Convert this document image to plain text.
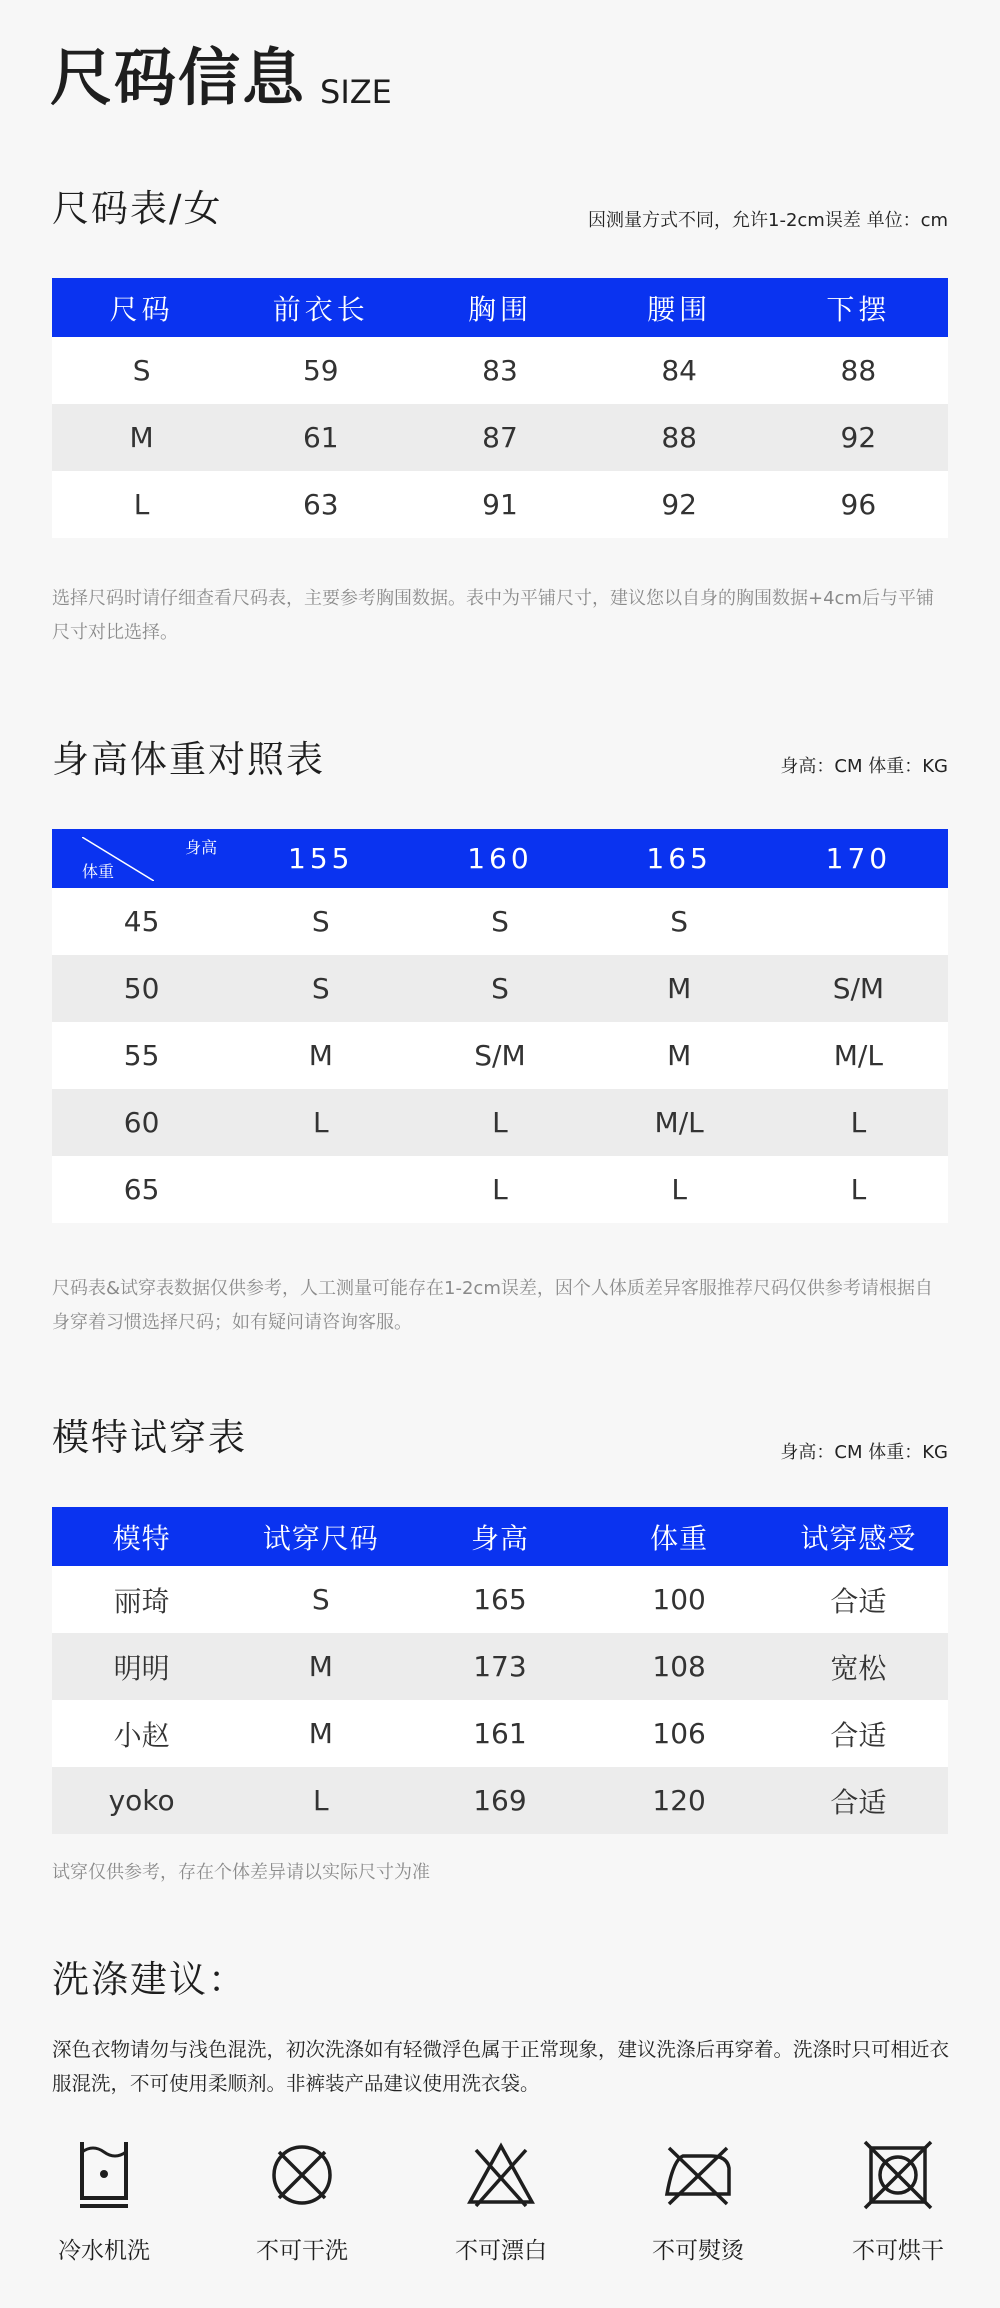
尺码信息 SIZE
尺码表/女	因测量方式不同，允许1-2cm误差 单位：cm
尺码	前衣长	胸围	腰围	下摆
S	59	83	84	88
M	61	87	88	92
L	63	91	92	96
选择尺码时请仔细查看尺码表，主要参考胸围数据。表中为平铺尺寸，建议您以自身的胸围数据+4cm后与平铺尺寸对比选择。
身高体重对照表	身高：CM 体重：KG
身高
体重	155	160	165	170
45	S	S	S	
50	S	S	M	S/M
55	M	S/M	M	M/L
60	L	L	M/L	L
65		L	L	L
尺码表&试穿表数据仅供参考，人工测量可能存在1-2cm误差，因个人体质差异客服推荐尺码仅供参考请根据自身穿着习惯选择尺码；如有疑问请咨询客服。
模特试穿表	身高：CM 体重：KG
模特	试穿尺码	身高	体重	试穿感受
丽琦	S	165	100	合适
明明	M	173	108	宽松
小赵	M	161	106	合适
yoko	L	169	120	合适
试穿仅供参考，存在个体差异请以实际尺寸为准
洗涤建议：
深色衣物请勿与浅色混洗，初次洗涤如有轻微浮色属于正常现象，建议洗涤后再穿着。洗涤时只可相近衣服混洗，不可使用柔顺剂。非裤装产品建议使用洗衣袋。
冷水机洗	不可干洗	不可漂白	不可熨烫	不可烘干
